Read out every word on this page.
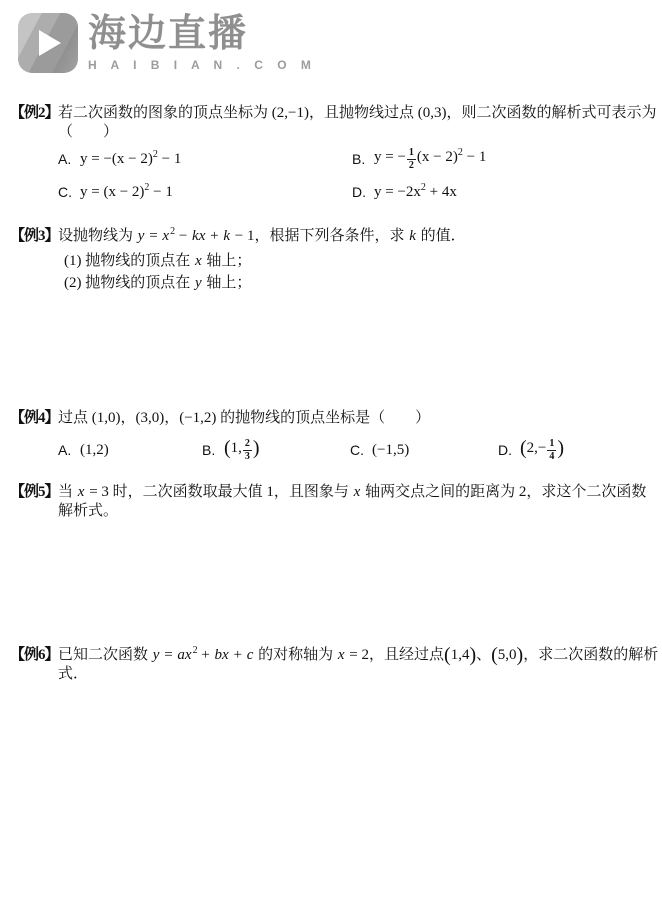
海边直播
H A I B I A N . C O M
【例2】 若二次函数的图象的顶点坐标为 (2,−1)，且抛物线过点 (0,3)，则二次函数的解析式可表示为
（　　）
A. $y = -(x - 2)^2 - 1$	B. y = − $\frac{1}{2} (x - 2)^2 - 1$
C. $y = (x - 2)^2 - 1$	D. $y = -2x^2 + 4x$
【例3】 设抛物线为 $y = x^2$ − kx + k − 1，根据下列各条件，求 k 的值．
(1) 抛物线的顶点在 x 轴上；
(2) 抛物线的顶点在 y 轴上；
【例4】 过点 (1,0)，(3,0)，(−1,2) 的抛物线的顶点坐标是（　　）
A. (1,2)	B. (1, $\frac{2}{3}$ )	C. (−1,5)	D. ($2,- \frac{1}{4}$ )
【例5】 当 x = 3 时，二次函数取最大值 1，且图象与 x 轴两交点之间的距离为 2，求这个二次函数解析式。
【例6】 已知二次函数 $y = ax^2$ + bx + c 的对称轴为 x = 2，且经过点(1,4)、(5,0)，求二次函数的解析式．
